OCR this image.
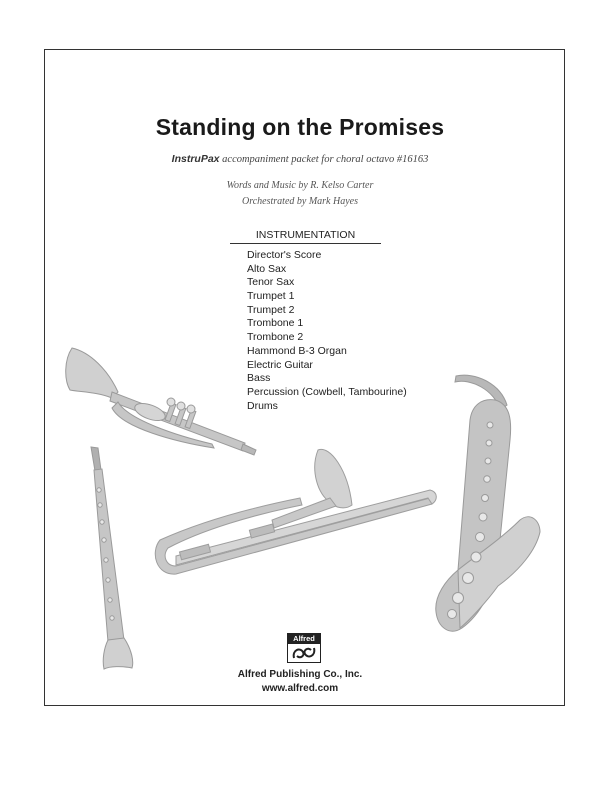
Standing on the Promises
InstruPax accompaniment packet for choral octavo #16163
Words and Music by R. Kelso Carter
Orchestrated by Mark Hayes
INSTRUMENTATION
Director's Score
Alto Sax
Tenor Sax
Trumpet 1
Trumpet 2
Trombone 1
Trombone 2
Hammond B-3 Organ
Electric Guitar
Bass
Percussion (Cowbell, Tambourine)
Drums
Alfred
Alfred Publishing Co., Inc.
www.alfred.com
